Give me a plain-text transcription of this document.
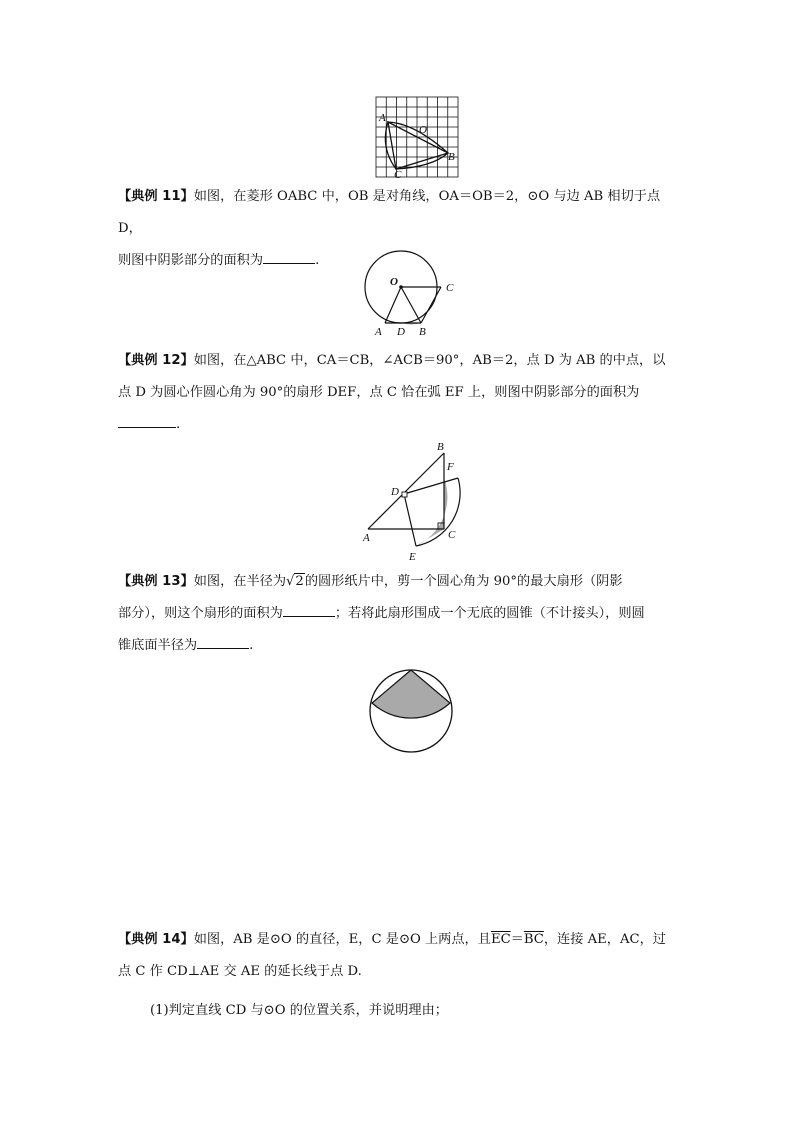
A
O
B
C

【典例 11】如图，在菱形 OABC 中，OB 是对角线，OA＝OB＝2，⊙O 与边 AB 相切于点 D，
则图中阴影部分的面积为	.

O	C
A D B

【典例 12】如图，在△ABC 中，CA＝CB，∠ACB＝90°，AB＝2，点 D 为 AB 的中点，以
点 D 为圆心作圆心角为 90°的扇形 DEF，点 C 恰在弧 EF 上，则图中阴影部分的面积为
.

B
F
D
A	C
E

【典例 13】如图，在半径为√2的圆形纸片中，剪一个圆心角为 90°的最大扇形（阴影
部分），则这个扇形的面积为	；若将此扇形围成一个无底的圆锥（不计接头），则圆
锥底面半径为	.

【典例 14】如图，AB 是⊙O 的直径，E，C 是⊙O 上两点，且$\overline{EC}=\overline{BC}$，连接 AE，AC，过
点 C 作 CD⊥AE 交 AE 的延长线于点 D.

(1)判定直线 CD 与⊙O 的位置关系，并说明理由；
